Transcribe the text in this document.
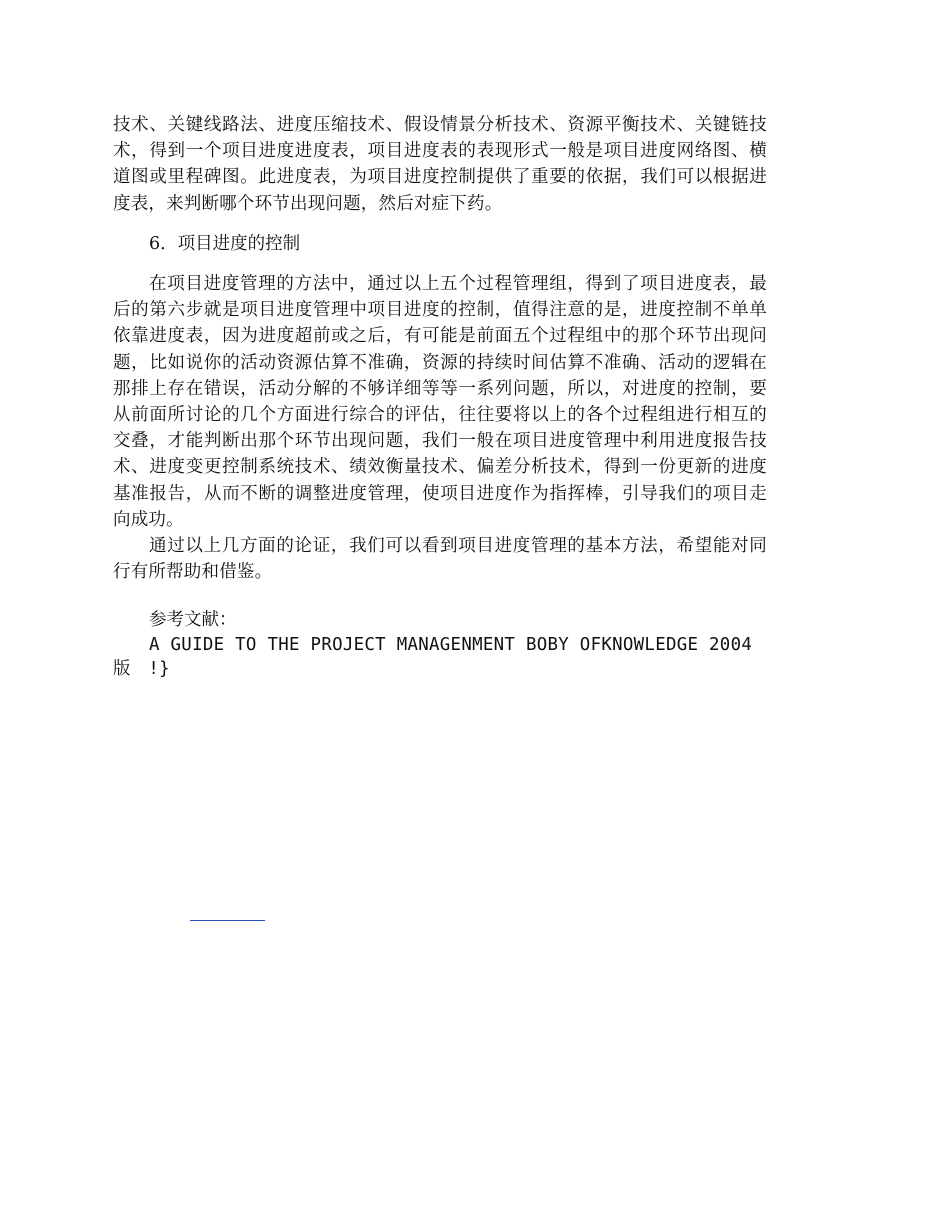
技术、关键线路法、进度压缩技术、假设情景分析技术、资源平衡技术、关键链技术，得到一个项目进度进度表，项目进度表的表现形式一般是项目进度网络图、横道图或里程碑图。此进度表，为项目进度控制提供了重要的依据，我们可以根据进度表，来判断哪个环节出现问题，然后对症下药。

6．项目进度的控制

在项目进度管理的方法中，通过以上五个过程管理组，得到了项目进度表，最后的第六步就是项目进度管理中项目进度的控制，值得注意的是，进度控制不单单依靠进度表，因为进度超前或之后，有可能是前面五个过程组中的那个环节出现问题，比如说你的活动资源估算不准确，资源的持续时间估算不准确、活动的逻辑在那排上存在错误，活动分解的不够详细等等一系列问题，所以，对进度的控制，要从前面所讨论的几个方面进行综合的评估，往往要将以上的各个过程组进行相互的交叠，才能判断出那个环节出现问题，我们一般在项目进度管理中利用进度报告技术、进度变更控制系统技术、绩效衡量技术、偏差分析技术，得到一份更新的进度基准报告，从而不断的调整进度管理，使项目进度作为指挥棒，引导我们的项目走向成功。

通过以上几方面的论证，我们可以看到项目进度管理的基本方法，希望能对同行有所帮助和借鉴。

参考文献：

A GUIDE TO THE PROJECT MANAGENMENT BOBY OFKNOWLEDGE 2004版　!}
